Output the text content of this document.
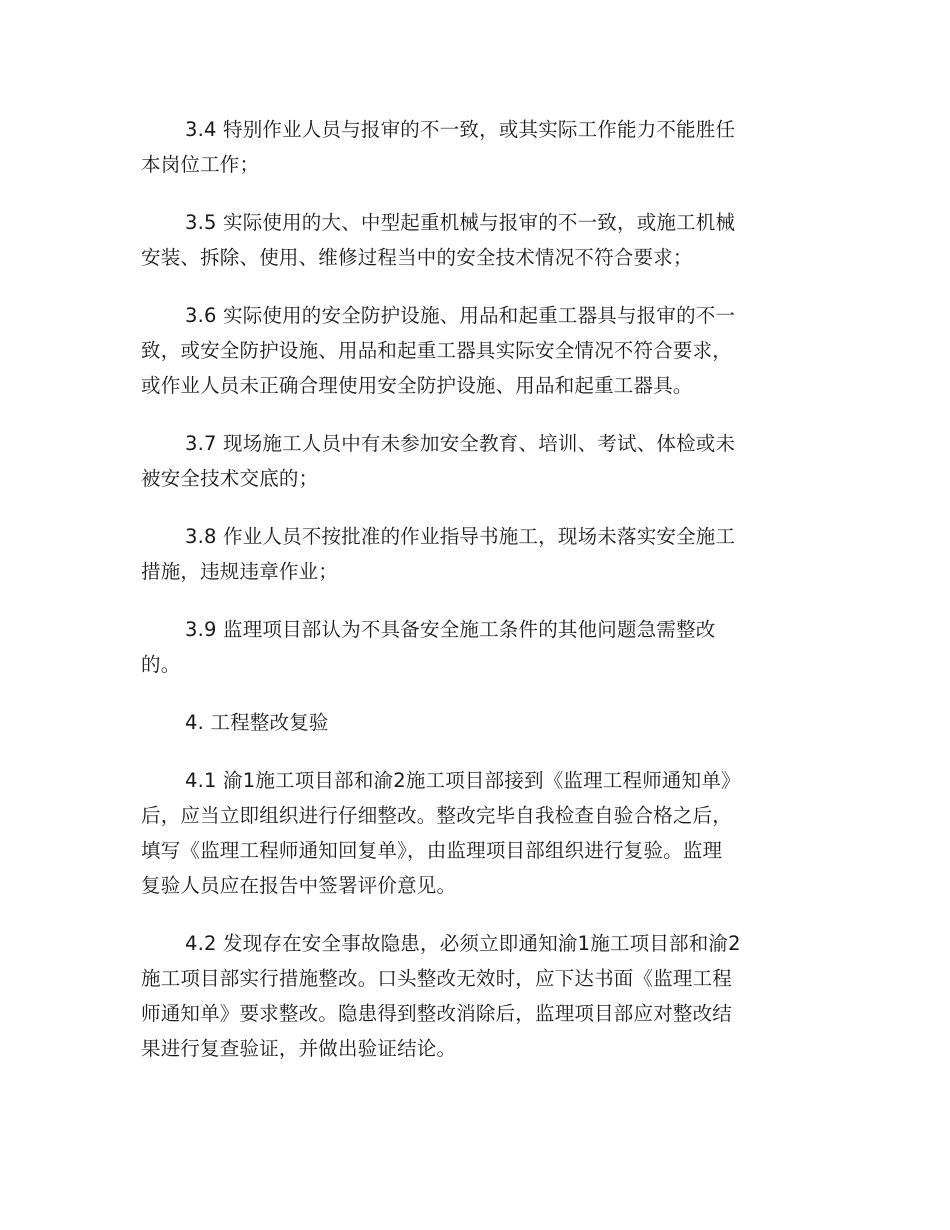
3.4 特别作业人员与报审的不一致，或其实际工作能力不能胜任
本岗位工作；

3.5 实际使用的大、中型起重机械与报审的不一致，或施工机械
安装、拆除、使用、维修过程当中的安全技术情况不符合要求；

3.6 实际使用的安全防护设施、用品和起重工器具与报审的不一
致，或安全防护设施、用品和起重工器具实际安全情况不符合要求，
或作业人员未正确合理使用安全防护设施、用品和起重工器具。

3.7 现场施工人员中有未参加安全教育、培训、考试、体检或未
被安全技术交底的；

3.8 作业人员不按批准的作业指导书施工，现场未落实安全施工
措施，违规违章作业；

3.9 监理项目部认为不具备安全施工条件的其他问题急需整改
的。

4. 工程整改复验

4.1 渝1施工项目部和渝2施工项目部接到《监理工程师通知单》
后，应当立即组织进行仔细整改。整改完毕自我检查自验合格之后，
填写《监理工程师通知回复单》，由监理项目部组织进行复验。监理
复验人员应在报告中签署评价意见。

4.2 发现存在安全事故隐患，必须立即通知渝1施工项目部和渝2
施工项目部实行措施整改。口头整改无效时，应下达书面《监理工程
师通知单》要求整改。隐患得到整改消除后，监理项目部应对整改结
果进行复查验证，并做出验证结论。
